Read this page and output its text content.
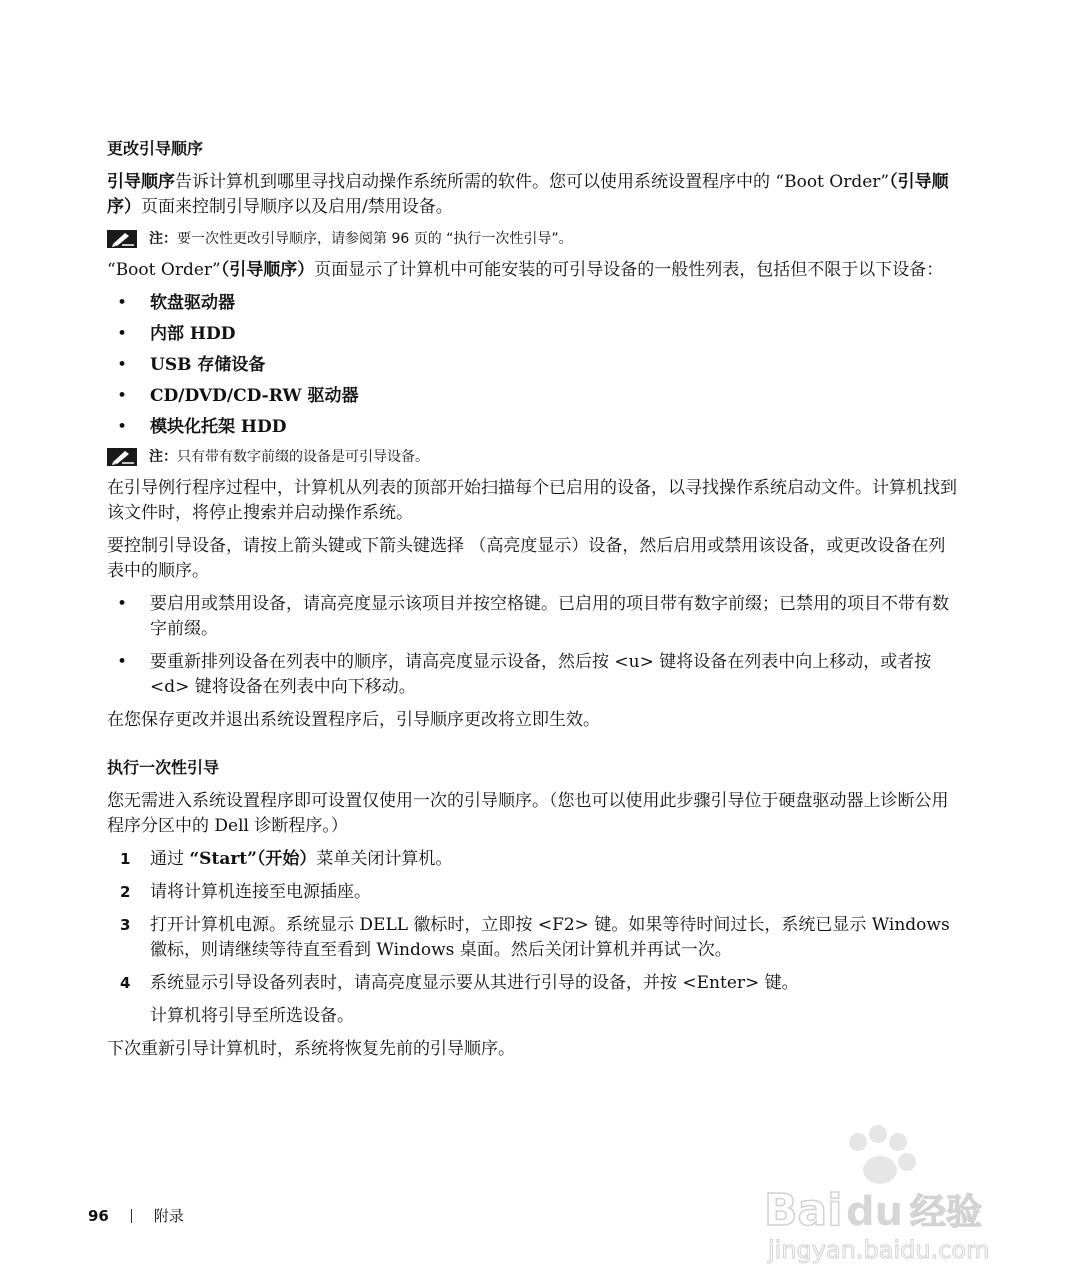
更改引导顺序

引导顺序告诉计算机到哪里寻找启动操作系统所需的软件。您可以使用系统设置程序中的 “Boot Order”（引导顺序）页面来控制引导顺序以及启用/禁用设备。

注： 要一次性更改引导顺序，请参阅第 96 页的 “执行一次性引导”。

“Boot Order”（引导顺序）页面显示了计算机中可能安装的可引导设备的一般性列表，包括但不限于以下设备：

• 软盘驱动器
• 内部 HDD
• USB 存储设备
• CD/DVD/CD-RW 驱动器
• 模块化托架 HDD
注： 只有带有数字前缀的设备是可引导设备。

在引导例行程序过程中，计算机从列表的顶部开始扫描每个已启用的设备，以寻找操作系统启动文件。计算机找到该文件时，将停止搜索并启动操作系统。

要控制引导设备，请按上箭头键或下箭头键选择 （高亮度显示）设备，然后启用或禁用该设备，或更改设备在列表中的顺序。

• 要启用或禁用设备，请高亮度显示该项目并按空格键。已启用的项目带有数字前缀；已禁用的项目不带有数字前缀。
• 要重新排列设备在列表中的顺序，请高亮度显示设备，然后按 <u> 键将设备在列表中向上移动，或者按 <d> 键将设备在列表中向下移动。

在您保存更改并退出系统设置程序后，引导顺序更改将立即生效。

执行一次性引导

您无需进入系统设置程序即可设置仅使用一次的引导顺序。（您也可以使用此步骤引导位于硬盘驱动器上诊断公用程序分区中的 Dell 诊断程序。）

1 通过 “Start”（开始）菜单关闭计算机。
2 请将计算机连接至电源插座。
3 打开计算机电源。系统显示 DELL 徽标时，立即按 <F2> 键。如果等待时间过长，系统已显示 Windows 徽标，则请继续等待直至看到 Windows 桌面。然后关闭计算机并再试一次。
4 系统显示引导设备列表时，请高亮度显示要从其进行引导的设备，并按 <Enter> 键。
计算机将引导至所选设备。

下次重新引导计算机时，系统将恢复先前的引导顺序。

96	附录	Bai du 经验
jingyan.baidu.com
